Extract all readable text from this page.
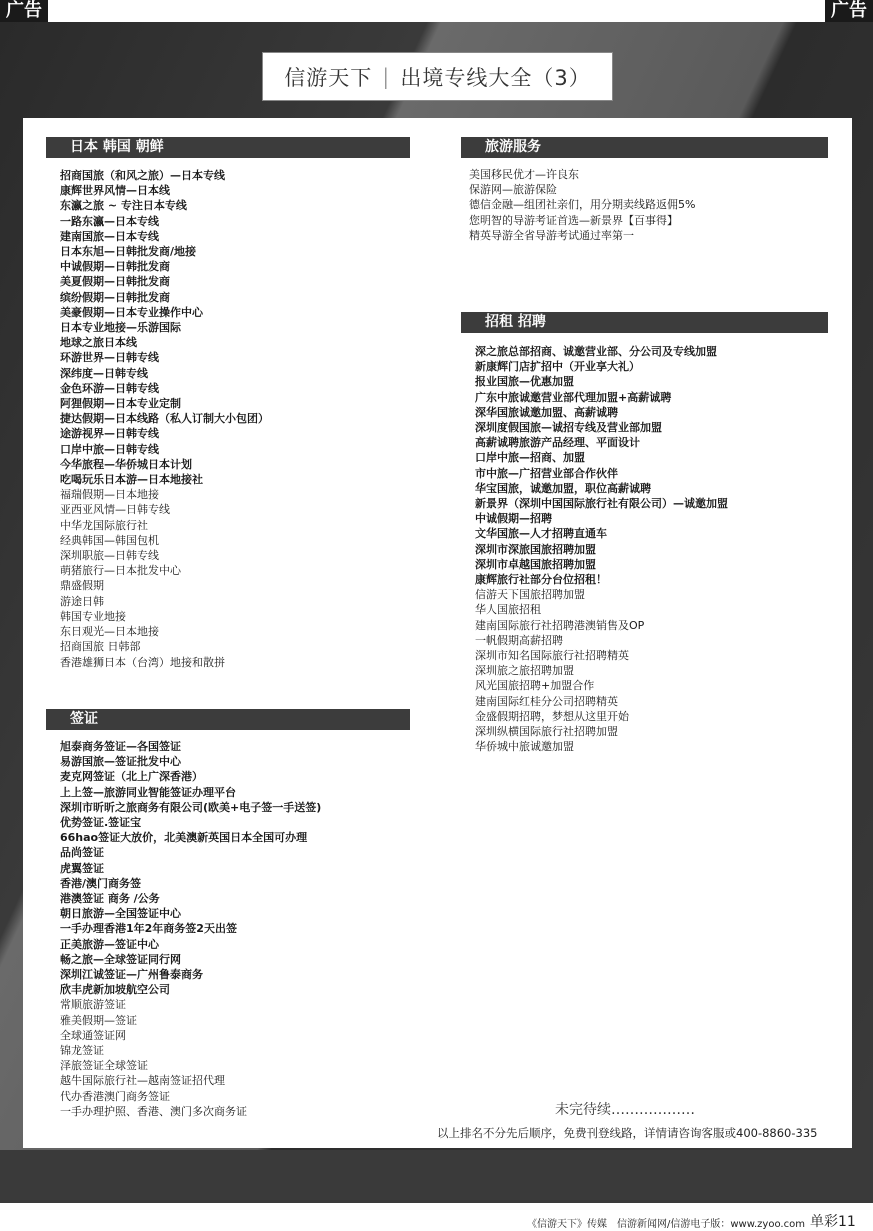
广告	广告
信游天下 | 出境专线大全（3）
日本 韩国 朝鲜
招商国旅（和风之旅）—日本专线
康辉世界风情—日本线
东瀛之旅 ~ 专注日本专线
一路东瀛—日本专线
建南国旅—日本专线
日本东旭—日韩批发商/地接
中诚假期—日韩批发商
美夏假期—日韩批发商
缤纷假期—日韩批发商
美豪假期—日本专业操作中心
日本专业地接—乐游国际
地球之旅日本线
环游世界—日韩专线
深纬度—日韩专线
金色环游—日韩专线
阿狸假期—日本专业定制
捷达假期—日本线路（私人订制大小包团）
途游视界—日韩专线
口岸中旅—日韩专线
今华旅程—华侨城日本计划
吃喝玩乐日本游—日本地接社
福瑞假期—日本地接
亚西亚风情—日韩专线
中华龙国际旅行社
经典韩国—韩国包机
深圳职旅—日韩专线
萌猪旅行—日本批发中心
鼎盛假期
游途日韩
韩国专业地接
东日观光—日本地接
招商国旅 日韩部
香港雄狮日本（台湾）地接和散拼
签证
旭泰商务签证—各国签证
易游国旅—签证批发中心
麦克网签证（北上广深香港）
上上签—旅游同业智能签证办理平台
深圳市昕昕之旅商务有限公司(欧美+电子签一手送签)
优势签证.签证宝
66hao签证大放价，北美澳新英国日本全国可办理
品尚签证
虎翼签证
香港/澳门商务签
港澳签证 商务 /公务
朝日旅游—全国签证中心
一手办理香港1年2年商务签2天出签
正美旅游—签证中心
畅之旅—全球签证同行网
深圳江诚签证—广州鲁泰商务
欣丰虎新加坡航空公司
常顺旅游签证
雅美假期—签证
全球通签证网
锦龙签证
泽旅签证全球签证
越牛国际旅行社—越南签证招代理
代办香港澳门商务签证
一手办理护照、香港、澳门多次商务证
旅游服务
美国移民优才—许良东
保游网—旅游保险
德信金融—组团社亲们，用分期卖线路返佣5%
您明智的导游考证首选—新景界【百事得】
精英导游全省导游考试通过率第一
招租 招聘
深之旅总部招商、诚邀营业部、分公司及专线加盟
新康辉门店扩招中（开业享大礼）
报业国旅—优惠加盟
广东中旅诚邀营业部代理加盟+高薪诚聘
深华国旅诚邀加盟、高薪诚聘
深圳度假国旅—诚招专线及营业部加盟
高薪诚聘旅游产品经理、平面设计
口岸中旅—招商、加盟
市中旅—广招营业部合作伙伴
华宝国旅，诚邀加盟，职位高薪诚聘
新景界（深圳中国国际旅行社有限公司）—诚邀加盟
中诚假期—招聘
文华国旅—人才招聘直通车
深圳市深旅国旅招聘加盟
深圳市卓越国旅招聘加盟
康辉旅行社部分台位招租！
信游天下国旅招聘加盟
华人国旅招租
建南国际旅行社招聘港澳销售及OP
一帆假期高薪招聘
深圳市知名国际旅行社招聘精英
深圳旅之旅招聘加盟
风光国旅招聘+加盟合作
建南国际红桂分公司招聘精英
金盛假期招聘，梦想从这里开始
深圳纵横国际旅行社招聘加盟
华侨城中旅诚邀加盟
未完待续………………
以上排名不分先后顺序，免费刊登线路，详情请咨询客服或400-8860-335
《信游天下》传媒　信游新闻网/信游电子版：www.zyoo.com 单彩11
